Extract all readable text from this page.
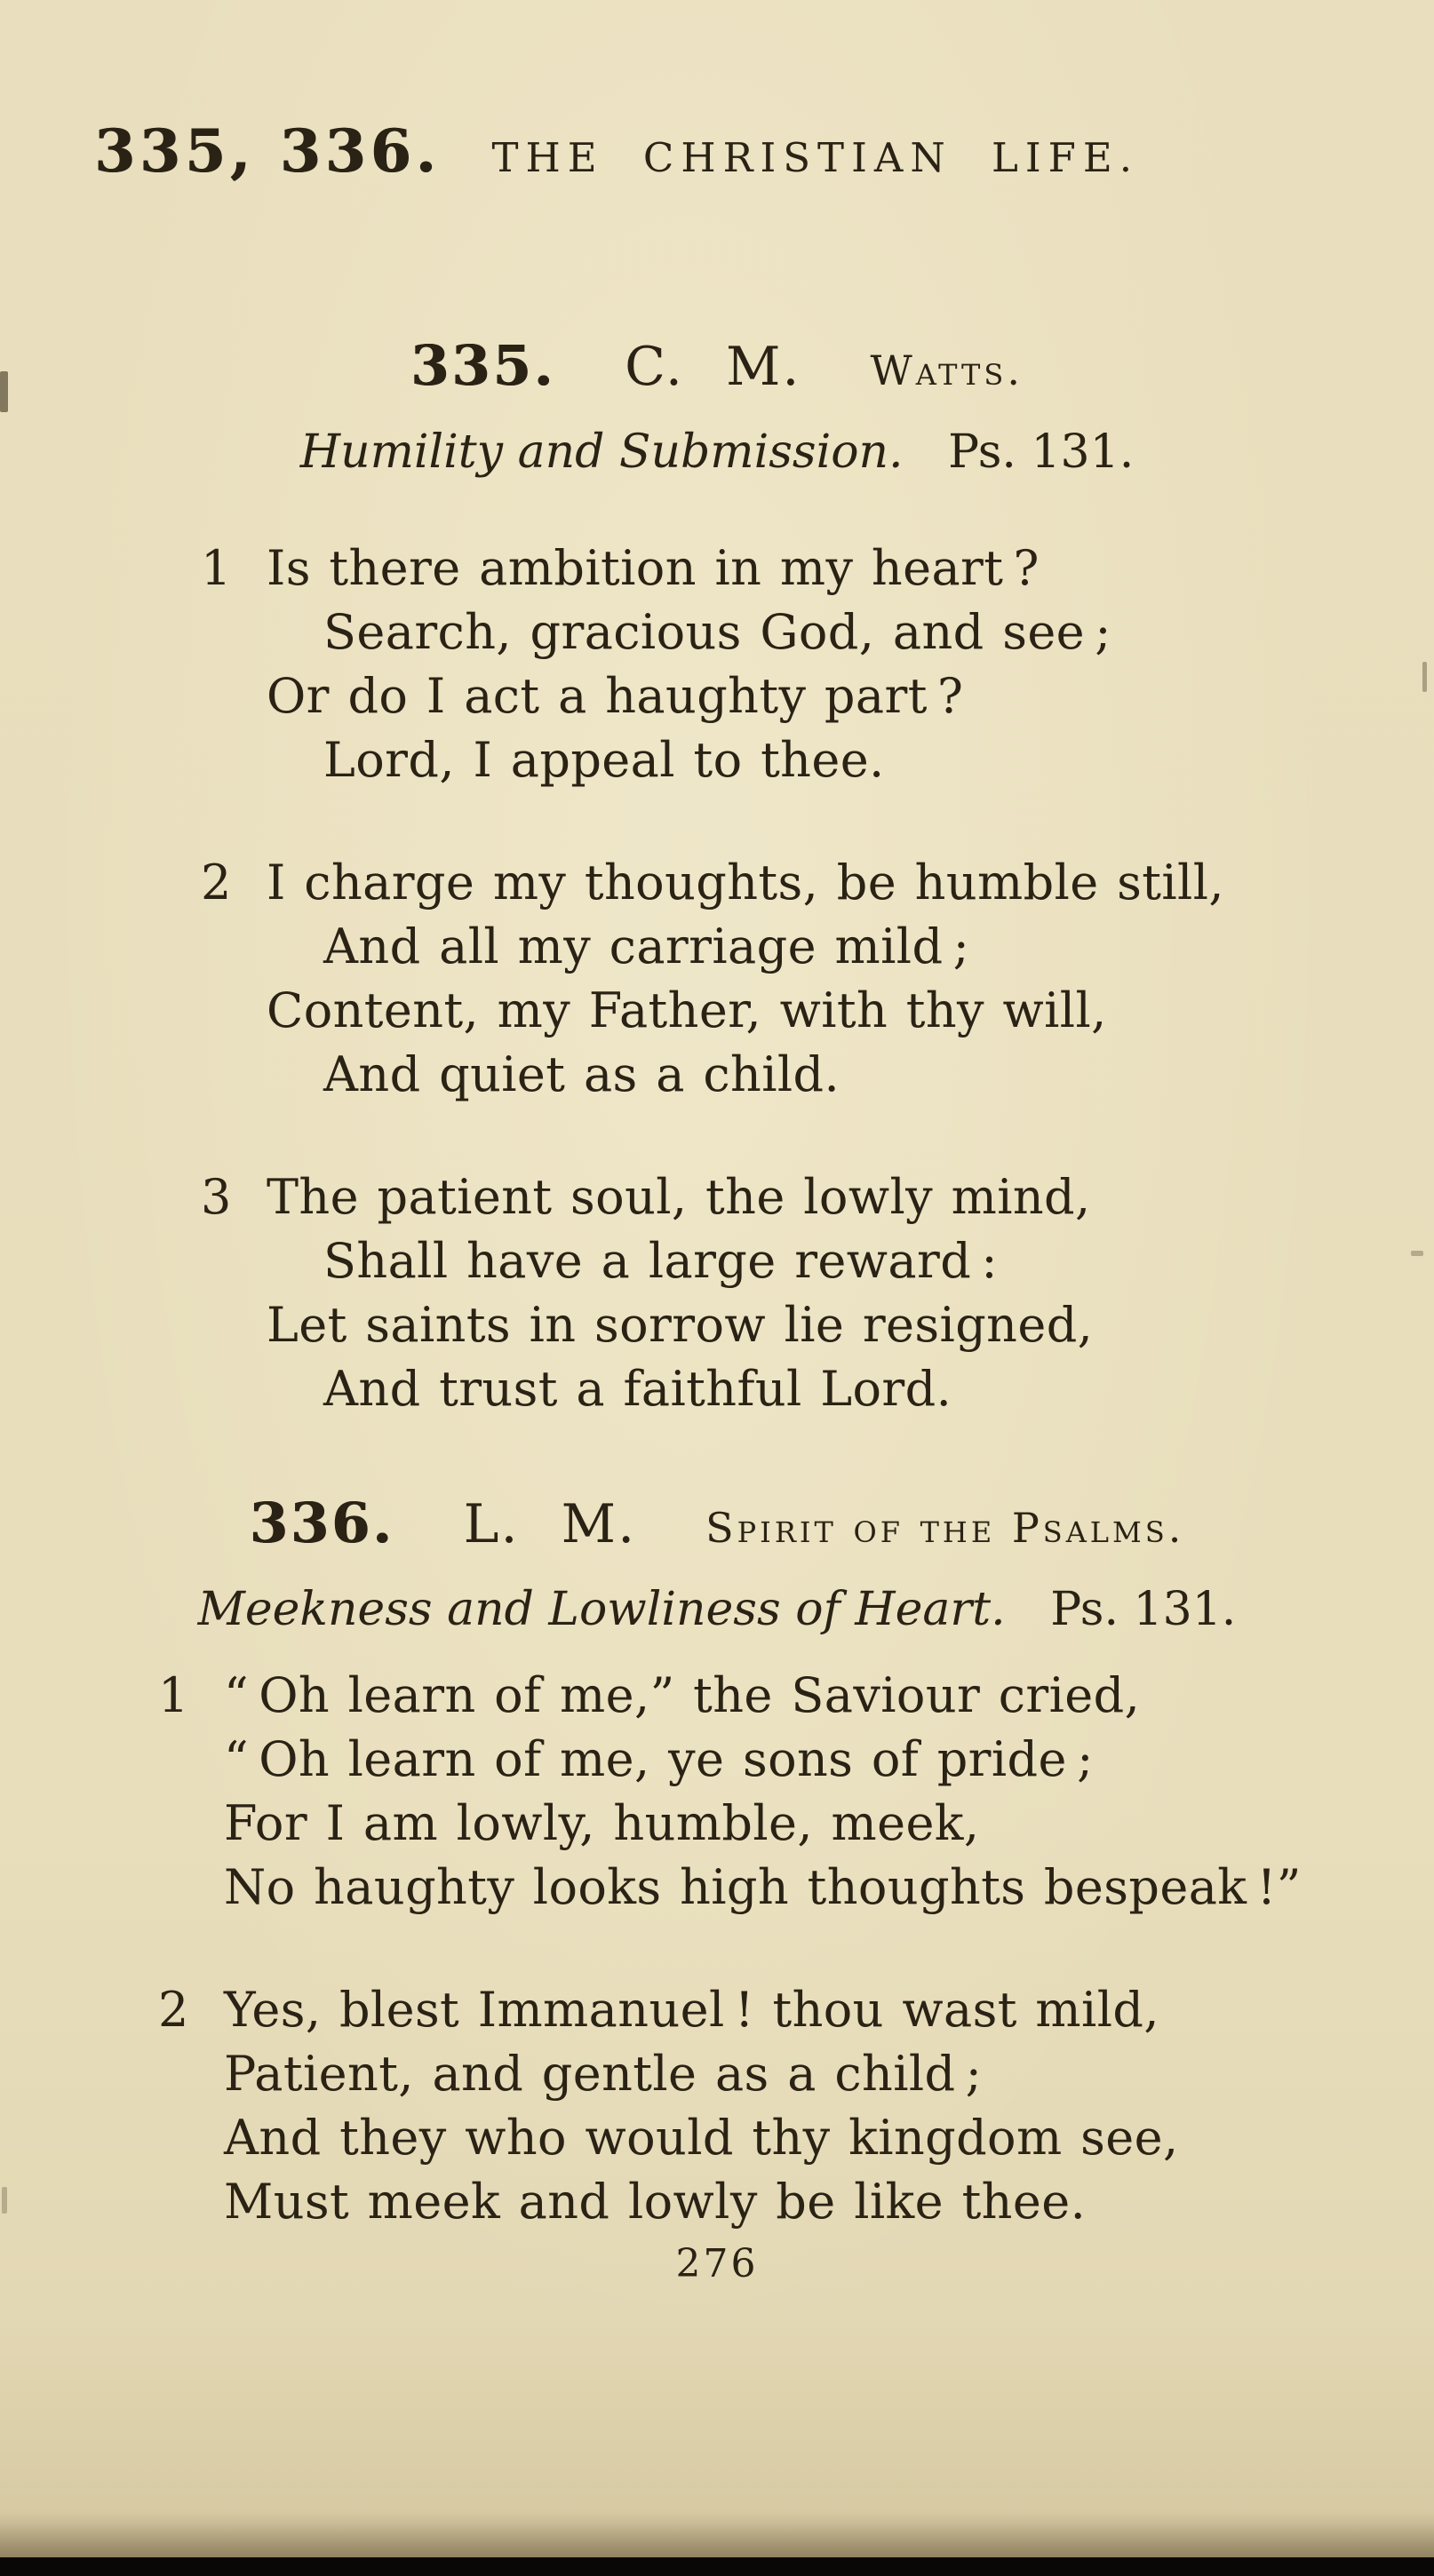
335, 336. THE CHRISTIAN LIFE.
335. C. M. Watts.
Humility and Submission. Ps. 131.
1 Is there ambition in my heart ?
Search, gracious God, and see ;
Or do I act a haughty part ?
Lord, I appeal to thee.
2 I charge my thoughts, be humble still,
And all my carriage mild ;
Content, my Father, with thy will,
And quiet as a child.
3 The patient soul, the lowly mind,
Shall have a large reward :
Let saints in sorrow lie resigned,
And trust a faithful Lord.
336. L. M. Spirit of the Psalms.
Meekness and Lowliness of Heart. Ps. 131.
1 “ Oh learn of me,” the Saviour cried,
“ Oh learn of me, ye sons of pride ;
For I am lowly, humble, meek,
No haughty looks high thoughts bespeak !”
2 Yes, blest Immanuel ! thou wast mild,
Patient, and gentle as a child ;
And they who would thy kingdom see,
Must meek and lowly be like thee.
276
